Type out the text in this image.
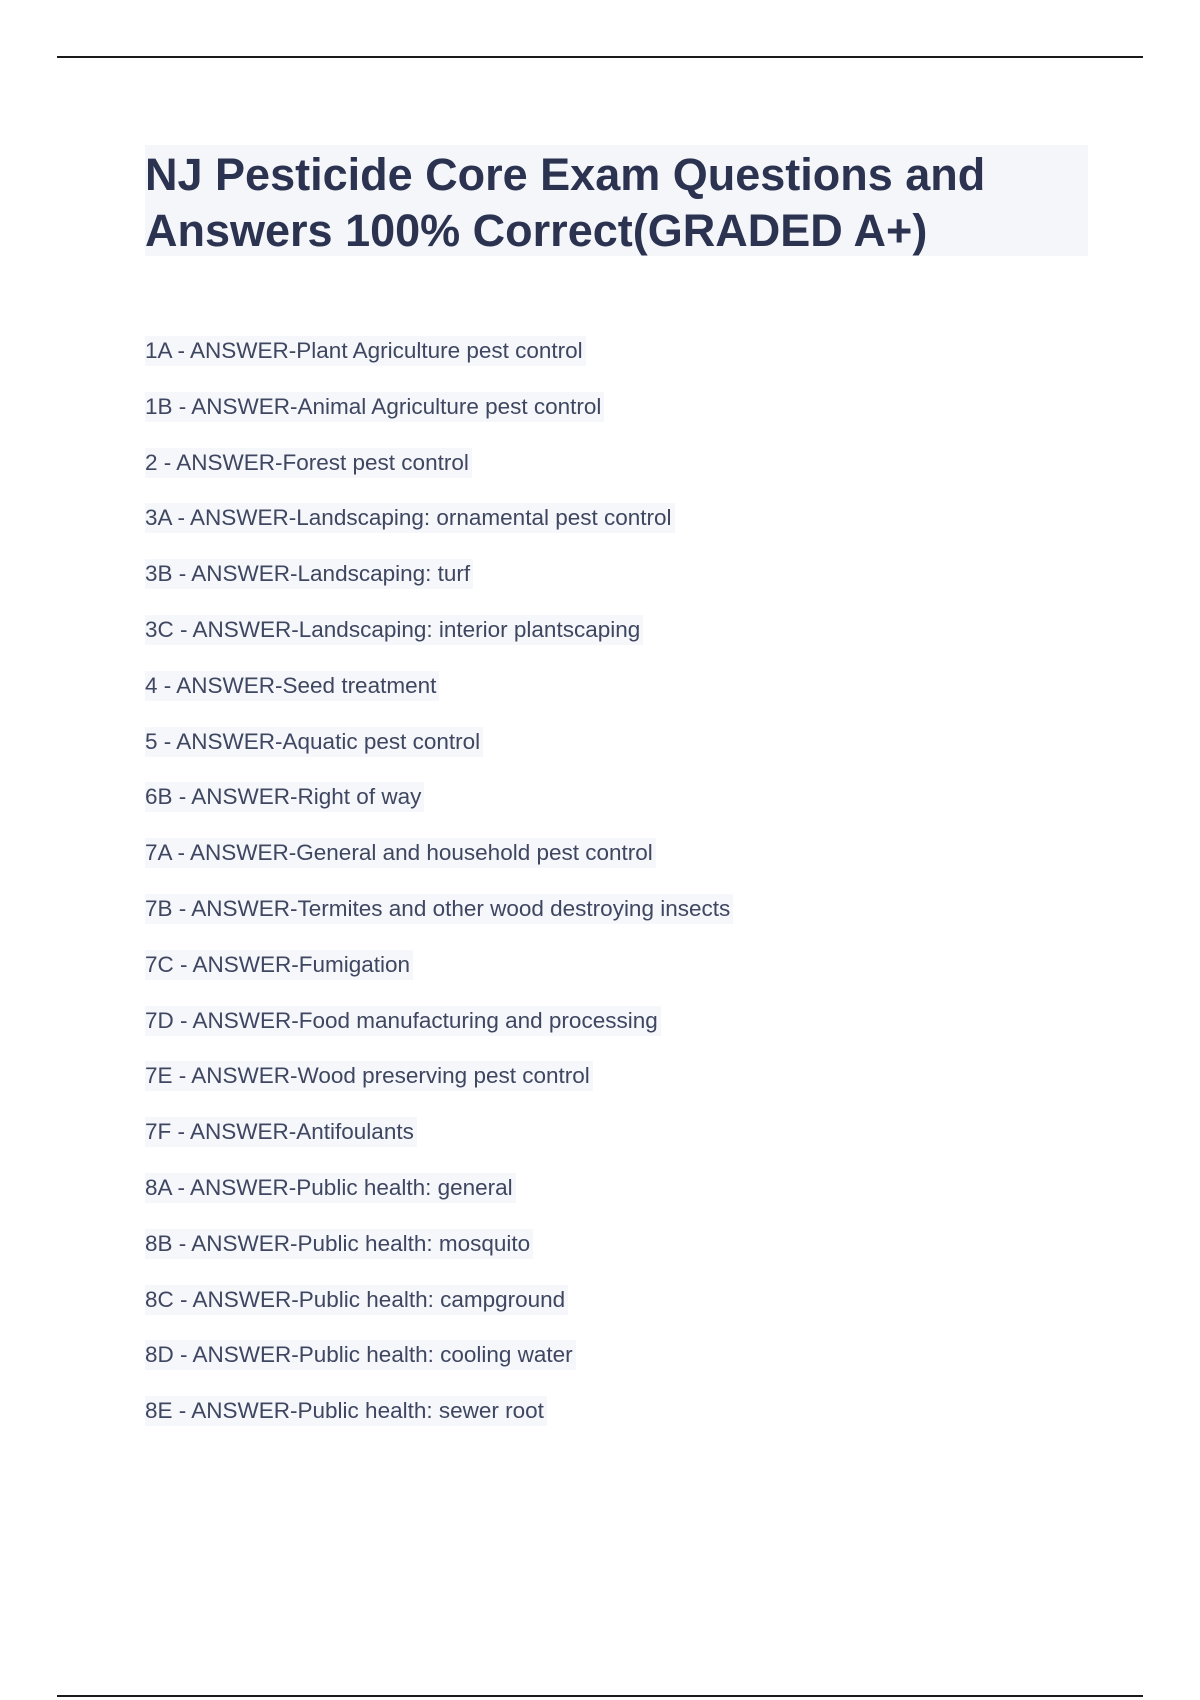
NJ Pesticide Core Exam Questions and
Answers 100% Correct(GRADED A+)
1A - ANSWER-Plant Agriculture pest control
1B - ANSWER-Animal Agriculture pest control
2 - ANSWER-Forest pest control
3A - ANSWER-Landscaping: ornamental pest control
3B - ANSWER-Landscaping: turf
3C - ANSWER-Landscaping: interior plantscaping
4 - ANSWER-Seed treatment
5 - ANSWER-Aquatic pest control
6B - ANSWER-Right of way
7A - ANSWER-General and household pest control
7B - ANSWER-Termites and other wood destroying insects
7C - ANSWER-Fumigation
7D - ANSWER-Food manufacturing and processing
7E - ANSWER-Wood preserving pest control
7F - ANSWER-Antifoulants
8A - ANSWER-Public health: general
8B - ANSWER-Public health: mosquito
8C - ANSWER-Public health: campground
8D - ANSWER-Public health: cooling water
8E - ANSWER-Public health: sewer root
